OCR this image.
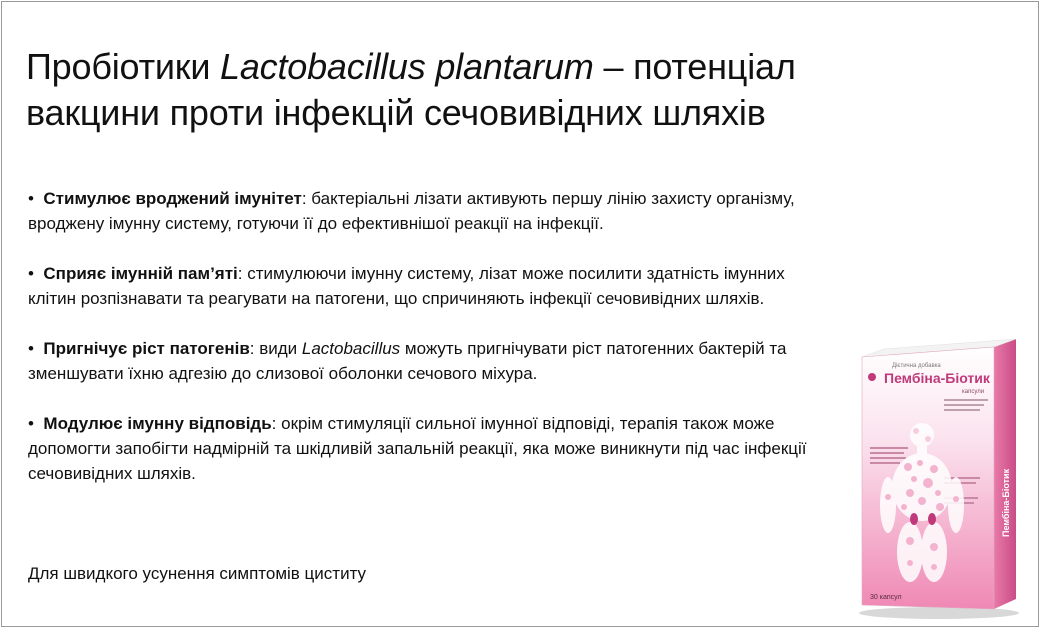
Пробіотики Lactobacillus plantarum – потенціал
вакцини проти інфекцій сечовивідних шляхів

• Стимулює вроджений імунітет: бактеріальні лізати активують першу лінію захисту організму, вроджену імунну систему, готуючи її до ефективнішої реакції на інфекції.

• Сприяє імунній пам’яті: стимулюючи імунну систему, лізат може посилити здатність імунних клітин розпізнавати та реагувати на патогени, що спричиняють інфекції сечовивідних шляхів.

• Пригнічує ріст патогенів: види Lactobacillus можуть пригнічувати ріст патогенних бактерій та зменшувати їхню адгезію до слизової оболонки сечового міхура.

• Модулює імунну відповідь: окрім стимуляції сильної імунної відповіді, терапія також може допомогти запобігти надмірній та шкідливій запальній реакції, яка може виникнути під час інфекції сечовивідних шляхів.

Для швидкого усунення симптомів циститу
Дієтична добавка
Пембіна-Біотик
капсули
30 капсул
Пембіна-Біотик
